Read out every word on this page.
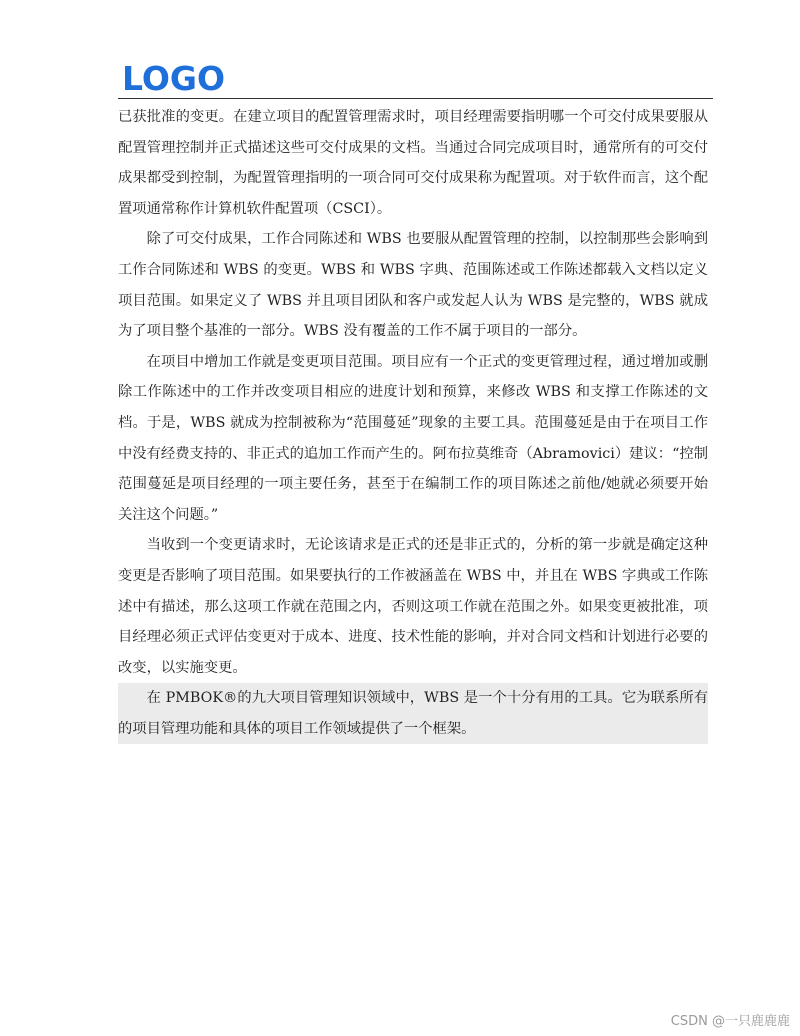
LOGO

已获批准的变更。在建立项目的配置管理需求时，项目经理需要指明哪一个可交付成果要服从配置管理控制并正式描述这些可交付成果的文档。当通过合同完成项目时，通常所有的可交付成果都受到控制，为配置管理指明的一项合同可交付成果称为配置项。对于软件而言，这个配置项通常称作计算机软件配置项（CSCI）。

除了可交付成果，工作合同陈述和 WBS 也要服从配置管理的控制，以控制那些会影响到工作合同陈述和 WBS 的变更。WBS 和 WBS 字典、范围陈述或工作陈述都载入文档以定义项目范围。如果定义了 WBS 并且项目团队和客户或发起人认为 WBS 是完整的，WBS 就成为了项目整个基准的一部分。WBS 没有覆盖的工作不属于项目的一部分。

在项目中增加工作就是变更项目范围。项目应有一个正式的变更管理过程，通过增加或删除工作陈述中的工作并改变项目相应的进度计划和预算，来修改 WBS 和支撑工作陈述的文档。于是，WBS 就成为控制被称为“范围蔓延”现象的主要工具。范围蔓延是由于在项目工作中没有经费支持的、非正式的追加工作而产生的。阿布拉莫维奇（Abramovici）建议：“控制范围蔓延是项目经理的一项主要任务，甚至于在编制工作的项目陈述之前他/她就必须要开始关注这个问题。”

当收到一个变更请求时，无论该请求是正式的还是非正式的，分析的第一步就是确定这种变更是否影响了项目范围。如果要执行的工作被涵盖在 WBS 中，并且在 WBS 字典或工作陈述中有描述，那么这项工作就在范围之内，否则这项工作就在范围之外。如果变更被批准，项目经理必须正式评估变更对于成本、进度、技术性能的影响，并对合同文档和计划进行必要的改变，以实施变更。

在 PMBOK®的九大项目管理知识领域中，WBS 是一个十分有用的工具。它为联系所有的项目管理功能和具体的项目工作领域提供了一个框架。

CSDN @一只鹿鹿鹿
